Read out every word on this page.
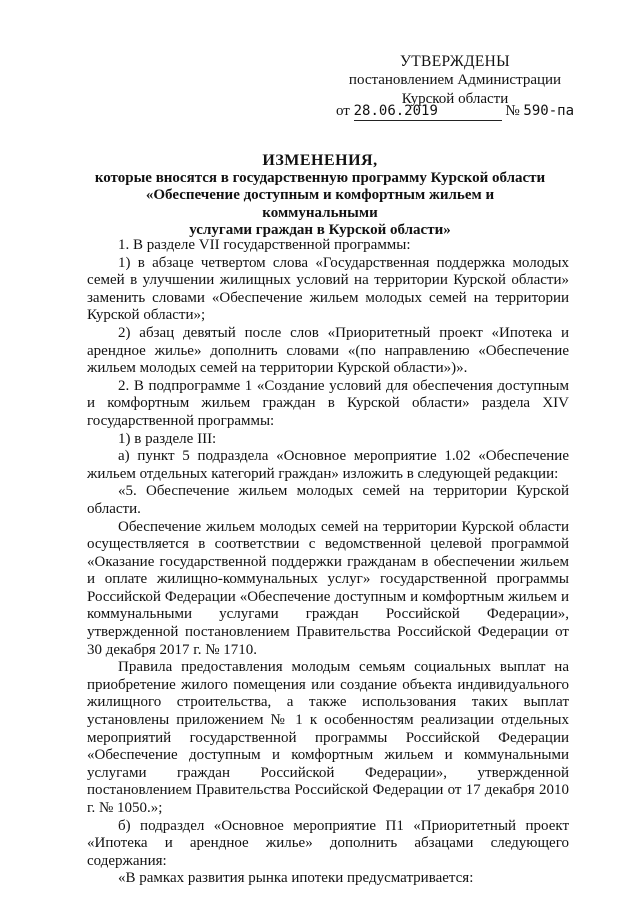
УТВЕРЖДЕНЫ
постановлением Администрации
Курской области
от 28.06.2019	№ 590-па
ИЗМЕНЕНИЯ,
которые вносятся в государственную программу Курской области
«Обеспечение доступным и комфортным жильем и коммунальными
услугами граждан в Курской области»

1. В разделе VII государственной программы:

1) в абзаце четвертом слова «Государственная поддержка молодых семей в улучшении жилищных условий на территории Курской области» заменить словами «Обеспечение жильем молодых семей на территории Курской области»;

2) абзац девятый после слов «Приоритетный проект «Ипотека и арендное жилье» дополнить словами «(по направлению «Обеспечение жильем молодых семей на территории Курской области»)».

2. В подпрограмме 1 «Создание условий для обеспечения доступным и комфортным жильем граждан в Курской области» раздела XIV государственной программы:

1) в разделе III:

а) пункт 5 подраздела «Основное мероприятие 1.02 «Обеспечение жильем отдельных категорий граждан» изложить в следующей редакции:

«5. Обеспечение жильем молодых семей на территории Курской области.

Обеспечение жильем молодых семей на территории Курской области осуществляется в соответствии с ведомственной целевой программой «Оказание государственной поддержки гражданам в обеспечении жильем и оплате жилищно-коммунальных услуг» государственной программы Российской Федерации «Обеспечение доступным и комфортным жильем и коммунальными услугами граждан Российской Федерации», утвержденной постановлением Правительства Российской Федерации от 30 декабря 2017 г. № 1710.

Правила предоставления молодым семьям социальных выплат на приобретение жилого помещения или создание объекта индивидуального жилищного строительства, а также использования таких выплат установлены приложением № 1 к особенностям реализации отдельных мероприятий государственной программы Российской Федерации «Обеспечение доступным и комфортным жильем и коммунальными услугами граждан Российской Федерации», утвержденной постановлением Правительства Российской Федерации от 17 декабря 2010 г. № 1050.»;

б) подраздел «Основное мероприятие П1 «Приоритетный проект «Ипотека и арендное жилье» дополнить абзацами следующего содержания:

«В рамках развития рынка ипотеки предусматривается:
